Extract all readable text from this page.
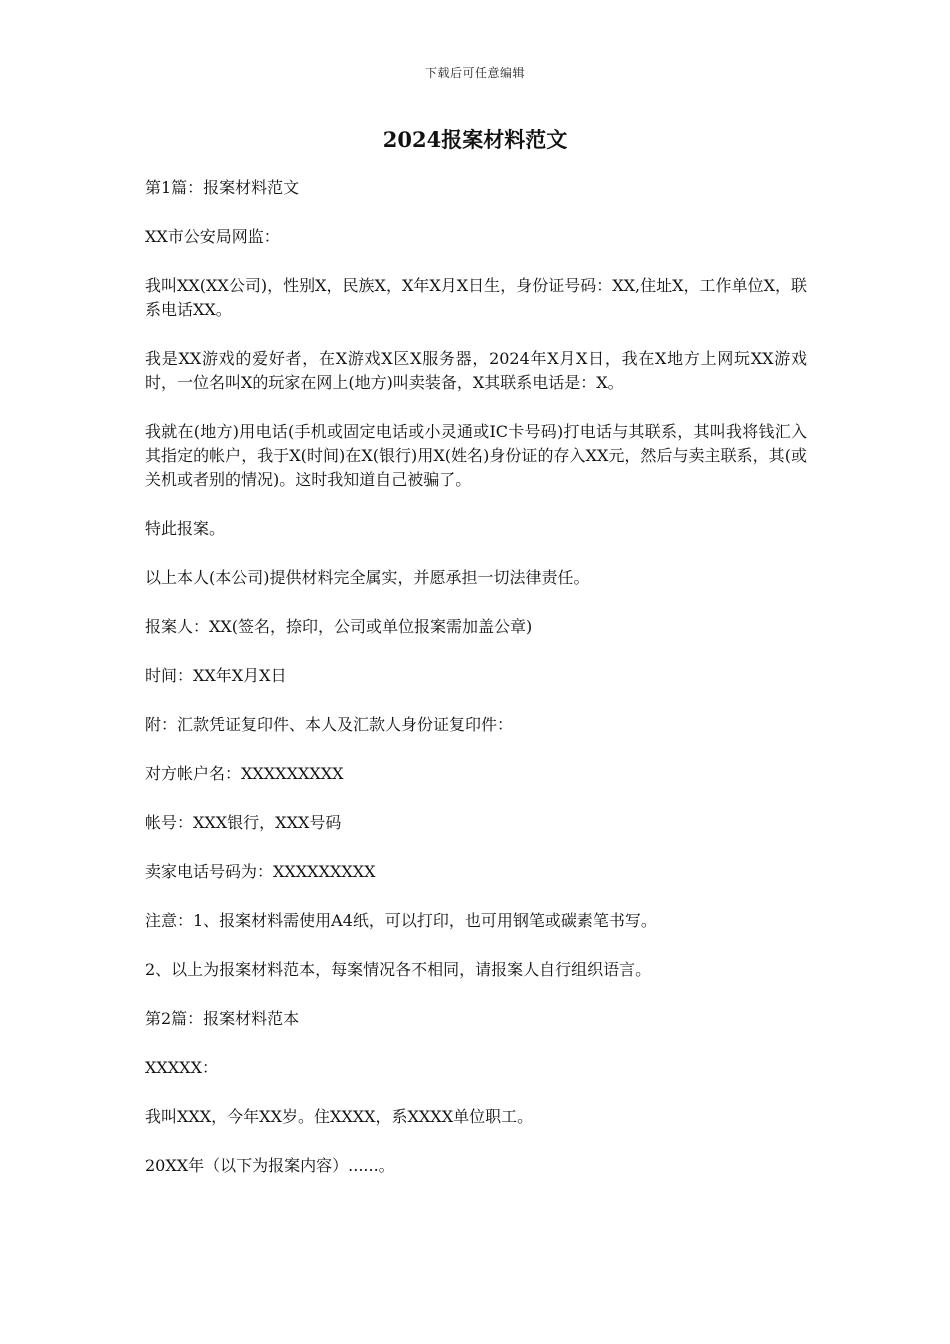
下载后可任意编辑
2024报案材料范文

第1篇：报案材料范文

XX市公安局网监：

我叫XX(XX公司)，性别X，民族X，X年X月X日生，身份证号码：XX,住址X，工作单位X，联系电话XX。

我是XX游戏的爱好者，在X游戏X区X服务器，2024年X月X日，我在X地方上网玩XX游戏时，一位名叫X的玩家在网上(地方)叫卖装备，X其联系电话是：X。

我就在(地方)用电话(手机或固定电话或小灵通或IC卡号码)打电话与其联系，其叫我将钱汇入其指定的帐户，我于X(时间)在X(银行)用X(姓名)身份证的存入XX元，然后与卖主联系，其(或关机或者别的情况)。这时我知道自己被骗了。

特此报案。

以上本人(本公司)提供材料完全属实，并愿承担一切法律责任。

报案人：XX(签名，捺印，公司或单位报案需加盖公章)

时间：XX年X月X日

附：汇款凭证复印件、本人及汇款人身份证复印件：

对方帐户名：XXXXXXXXX

帐号：XXX银行，XXX号码

卖家电话号码为：XXXXXXXXX

注意：1、报案材料需使用A4纸，可以打印，也可用钢笔或碳素笔书写。

2、以上为报案材料范本，每案情况各不相同，请报案人自行组织语言。

第2篇：报案材料范本

XXXXX：

我叫XXX，今年XX岁。住XXXX，系XXXX单位职工。

20XX年（以下为报案内容）......。
